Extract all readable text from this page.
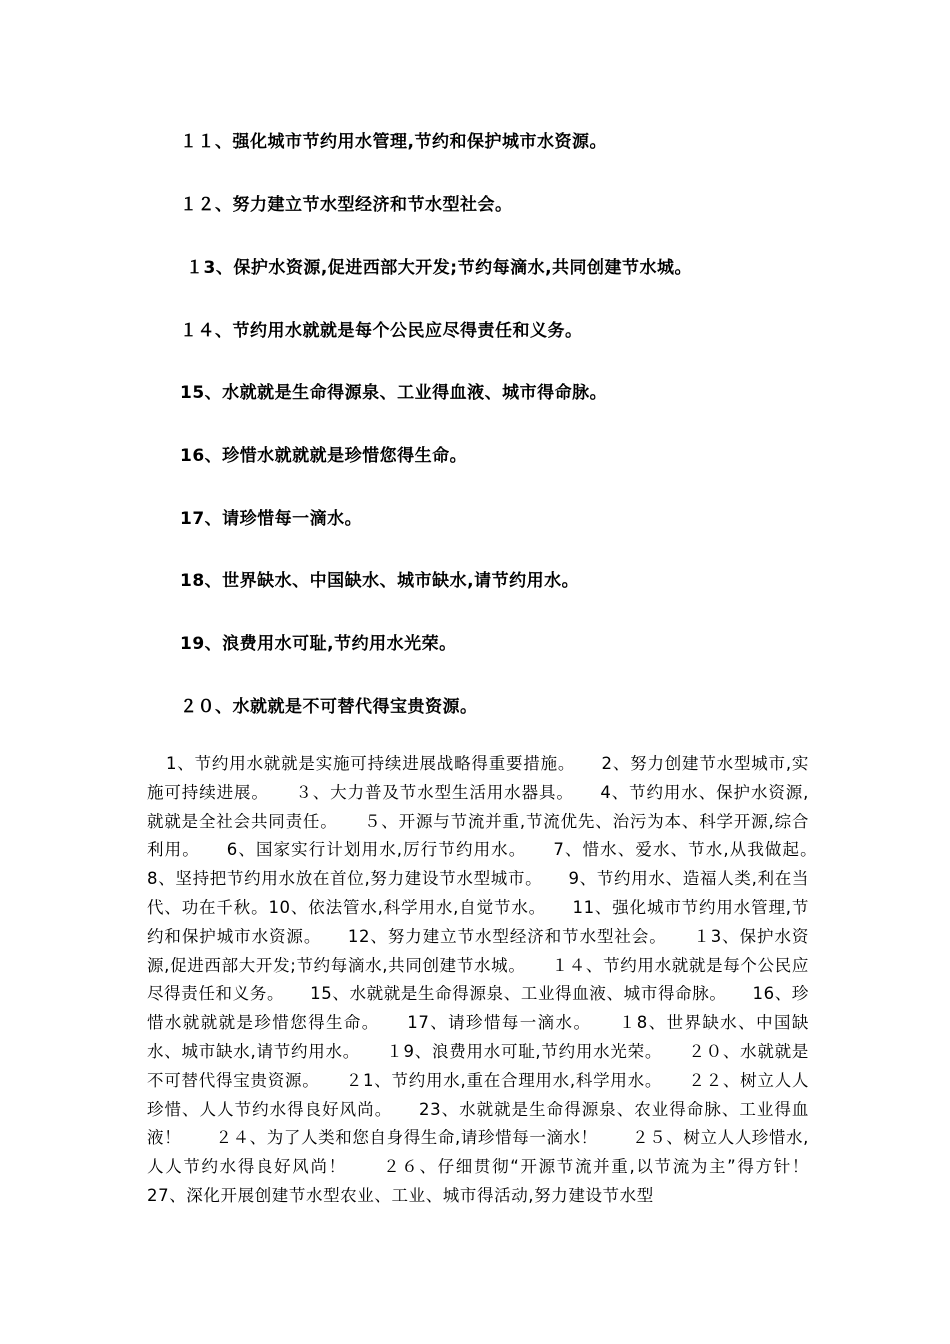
１１、强化城市节约用水管理,节约和保护城市水资源。
１２、努力建立节水型经济和节水型社会。
１3、保护水资源,促进西部大开发;节约每滴水,共同创建节水城。
１４、节约用水就就是每个公民应尽得责任和义务。
15、水就就是生命得源泉、工业得血液、城市得命脉。
16、珍惜水就就就是珍惜您得生命。
17、请珍惜每一滴水。
18、世界缺水、中国缺水、城市缺水,请节约用水。
19、浪费用水可耻,节约用水光荣。
２０、水就就是不可替代得宝贵资源。
1、节约用水就就是实施可持续进展战略得重要措施。　　2、努力创建节水型城市,实施可持续进展。　　３、大力普及节水型生活用水器具。　　4、节约用水、保护水资源,就就是全社会共同责任。　　５、开源与节流并重,节流优先、治污为本、科学开源,综合利用。　　6、国家实行计划用水,厉行节约用水。　　7、惜水、爱水、节水,从我做起。　　8、坚持把节约用水放在首位,努力建设节水型城市。　　9、节约用水、造福人类,利在当代、功在千秋。10、依法管水,科学用水,自觉节水。　　11、强化城市节约用水管理,节约和保护城市水资源。　　12、努力建立节水型经济和节水型社会。　　１3、保护水资源,促进西部大开发;节约每滴水,共同创建节水城。　　１４、节约用水就就是每个公民应尽得责任和义务。　　15、水就就是生命得源泉、工业得血液、城市得命脉。　　16、珍惜水就就就是珍惜您得生命。　　17、请珍惜每一滴水。　　１8、世界缺水、中国缺水、城市缺水,请节约用水。　　１9、浪费用水可耻,节约用水光荣。　　２０、水就就是不可替代得宝贵资源。　　２1、节约用水,重在合理用水,科学用水。　　２２、树立人人珍惜、人人节约水得良好风尚。　　23、水就就是生命得源泉、农业得命脉、工业得血液！　　２４、为了人类和您自身得生命,请珍惜每一滴水！　　２５、树立人人珍惜水,人人节约水得良好风尚！　　２６、仔细贯彻“开源节流并重,以节流为主”得方针！　　27、深化开展创建节水型农业、工业、城市得活动,努力建设节水型
